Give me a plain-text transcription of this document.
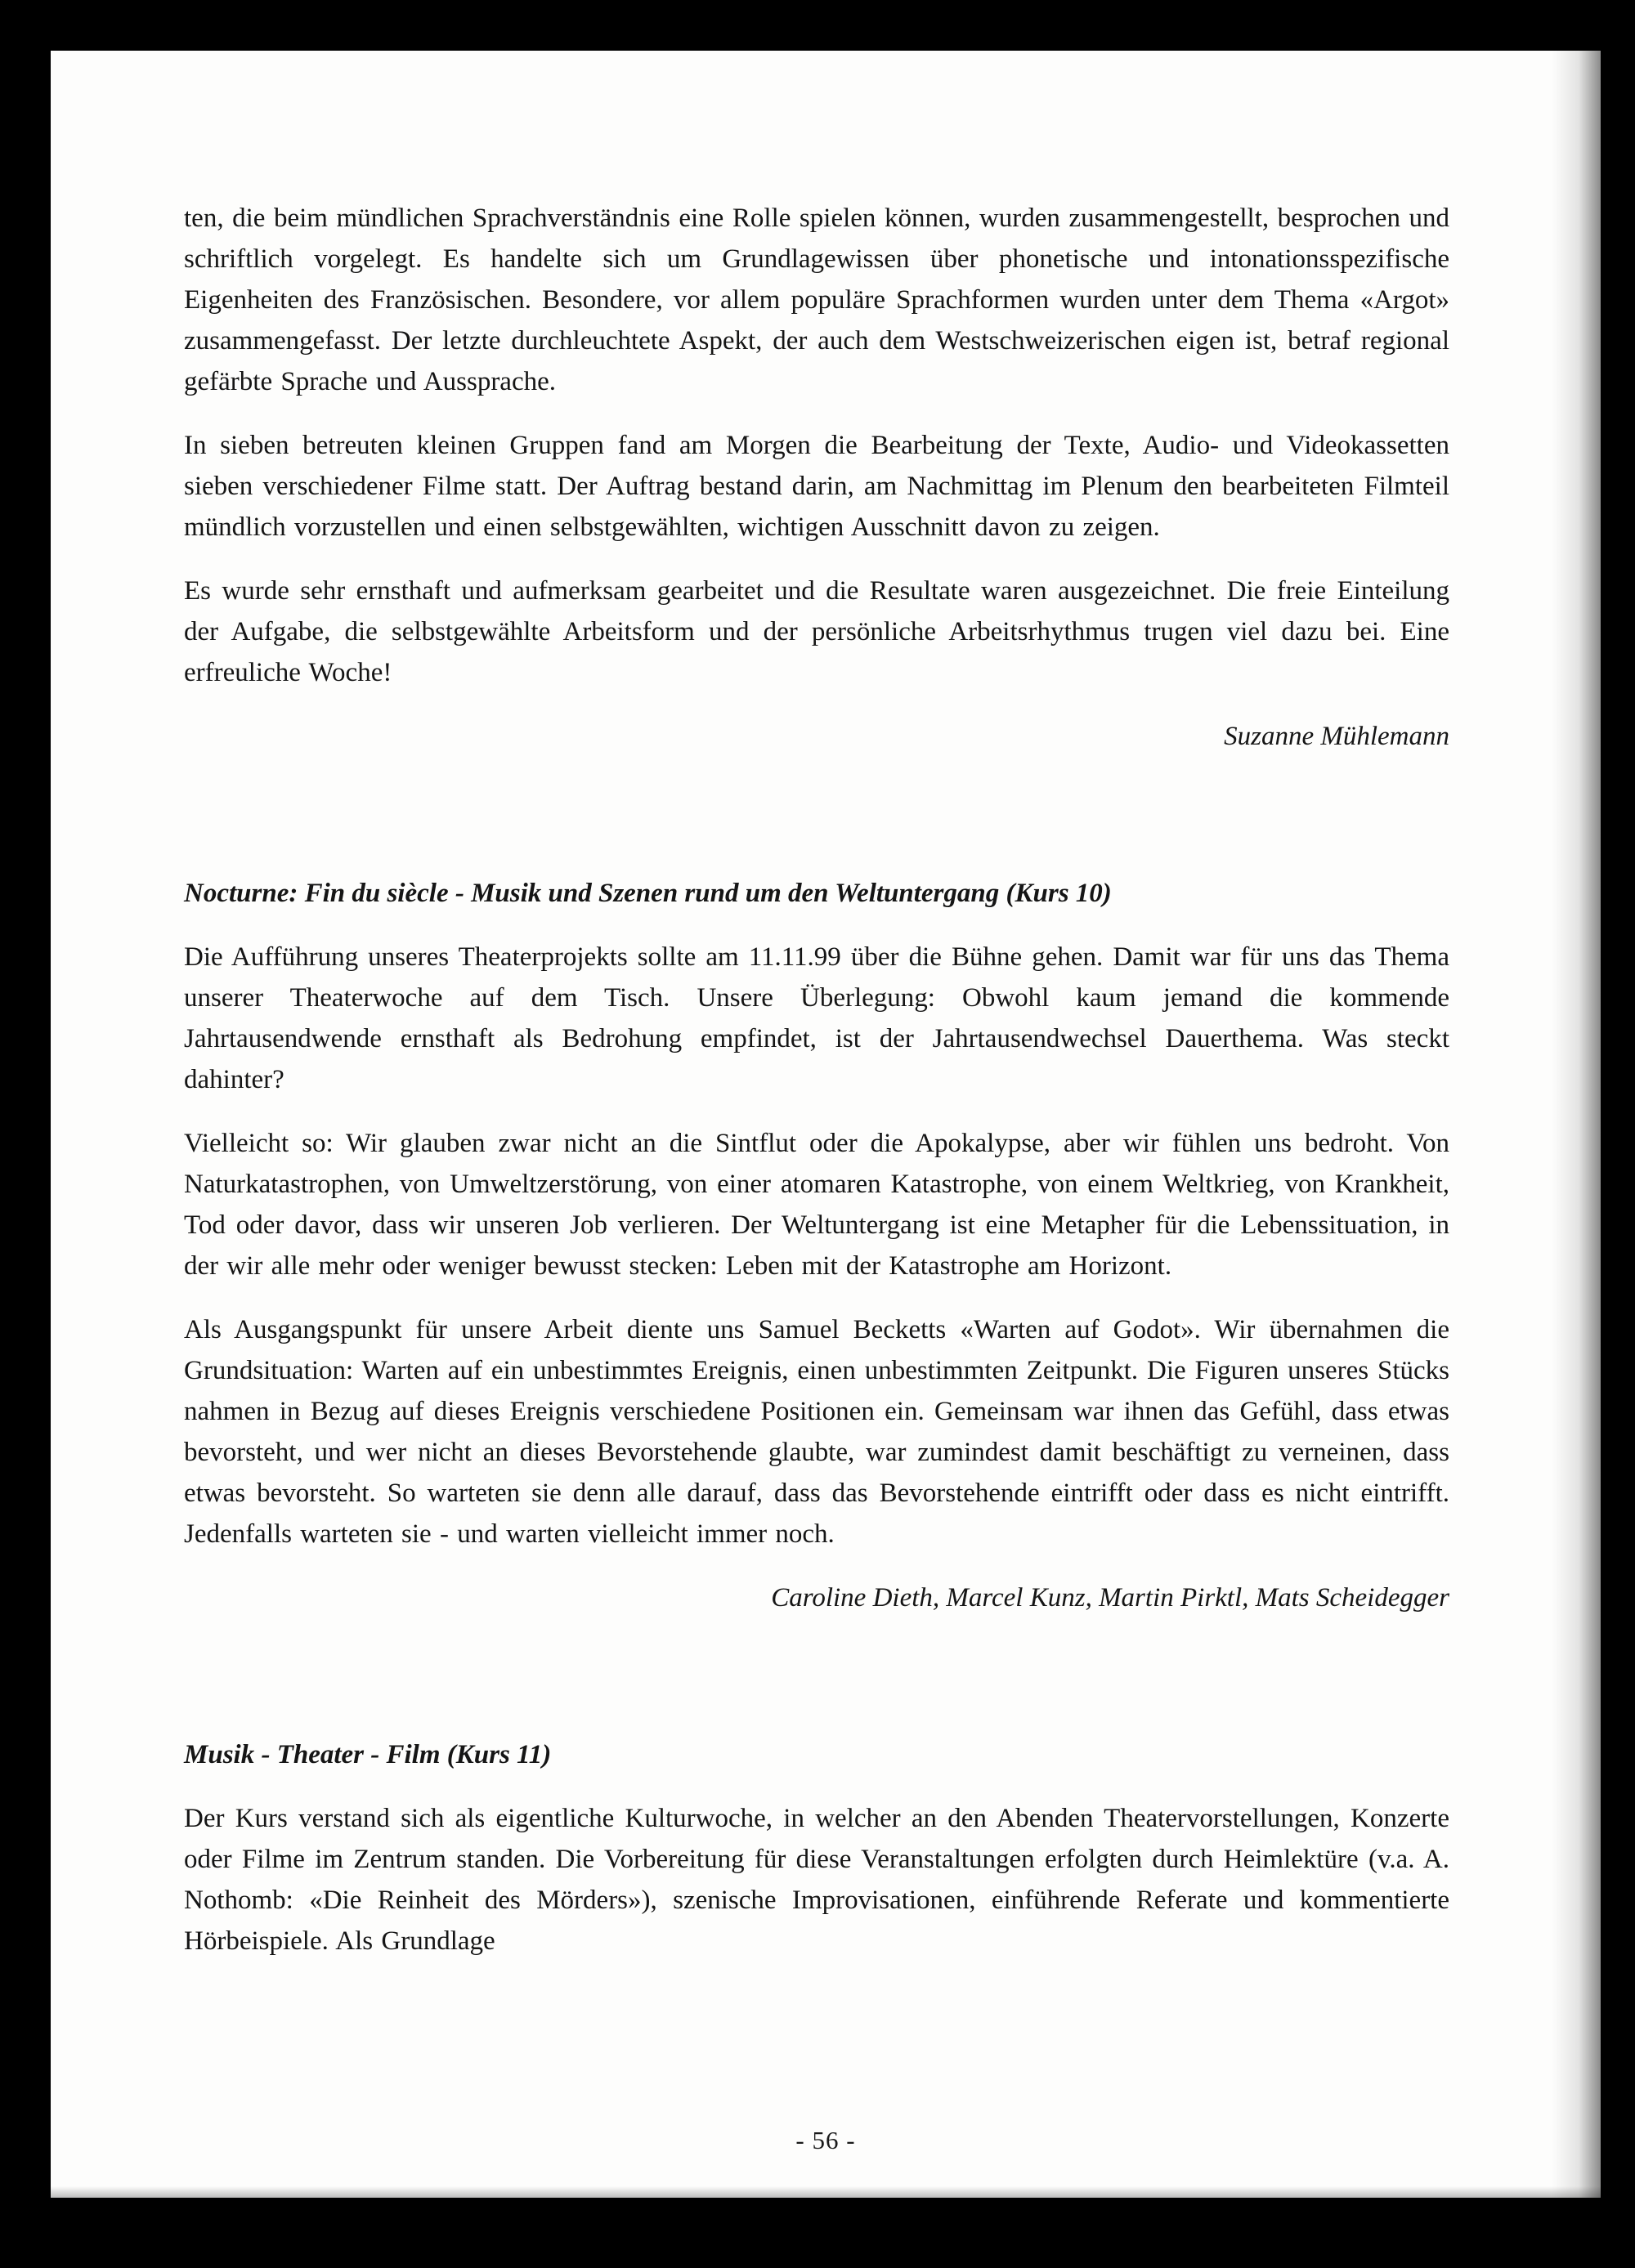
ten, die beim mündlichen Sprachverständnis eine Rolle spielen können, wurden zusammengestellt, besprochen und schriftlich vorgelegt. Es handelte sich um Grundlagewissen über phonetische und intonationsspezifische Eigenheiten des Französischen. Besondere, vor allem populäre Sprachformen wurden unter dem Thema «Argot» zusammengefasst. Der letzte durchleuchtete Aspekt, der auch dem Westschweizerischen eigen ist, betraf regional gefärbte Sprache und Aussprache.

In sieben betreuten kleinen Gruppen fand am Morgen die Bearbeitung der Texte, Audio- und Videokassetten sieben verschiedener Filme statt. Der Auftrag bestand darin, am Nachmittag im Plenum den bearbeiteten Filmteil mündlich vorzustellen und einen selbstgewählten, wichtigen Ausschnitt davon zu zeigen.

Es wurde sehr ernsthaft und aufmerksam gearbeitet und die Resultate waren ausgezeichnet. Die freie Einteilung der Aufgabe, die selbstgewählte Arbeitsform und der persönliche Arbeitsrhythmus trugen viel dazu bei. Eine erfreuliche Woche!

Suzanne Mühlemann

Nocturne: Fin du siècle - Musik und Szenen rund um den Weltuntergang (Kurs 10)

Die Aufführung unseres Theaterprojekts sollte am 11.11.99 über die Bühne gehen. Damit war für uns das Thema unserer Theaterwoche auf dem Tisch. Unsere Überlegung: Obwohl kaum jemand die kommende Jahrtausendwende ernsthaft als Bedrohung empfindet, ist der Jahrtausendwechsel Dauerthema. Was steckt dahinter?

Vielleicht so: Wir glauben zwar nicht an die Sintflut oder die Apokalypse, aber wir fühlen uns bedroht. Von Naturkatastrophen, von Umweltzerstörung, von einer atomaren Katastrophe, von einem Weltkrieg, von Krankheit, Tod oder davor, dass wir unseren Job verlieren. Der Weltuntergang ist eine Metapher für die Lebenssituation, in der wir alle mehr oder weniger bewusst stecken: Leben mit der Katastrophe am Horizont.

Als Ausgangspunkt für unsere Arbeit diente uns Samuel Becketts «Warten auf Godot». Wir übernahmen die Grundsituation: Warten auf ein unbestimmtes Ereignis, einen unbestimmten Zeitpunkt. Die Figuren unseres Stücks nahmen in Bezug auf dieses Ereignis verschiedene Positionen ein. Gemeinsam war ihnen das Gefühl, dass etwas bevorsteht, und wer nicht an dieses Bevorstehende glaubte, war zumindest damit beschäftigt zu verneinen, dass etwas bevorsteht. So warteten sie denn alle darauf, dass das Bevorstehende eintrifft oder dass es nicht eintrifft. Jedenfalls warteten sie - und warten vielleicht immer noch.

Caroline Dieth, Marcel Kunz, Martin Pirktl, Mats Scheidegger

Musik - Theater - Film (Kurs 11)

Der Kurs verstand sich als eigentliche Kulturwoche, in welcher an den Abenden Theatervorstellungen, Konzerte oder Filme im Zentrum standen. Die Vorbereitung für diese Veranstaltungen erfolgten durch Heimlektüre (v.a. A. Nothomb: «Die Reinheit des Mörders»), szenische Improvisationen, einführende Referate und kommentierte Hörbeispiele. Als Grundlage

- 56 -
